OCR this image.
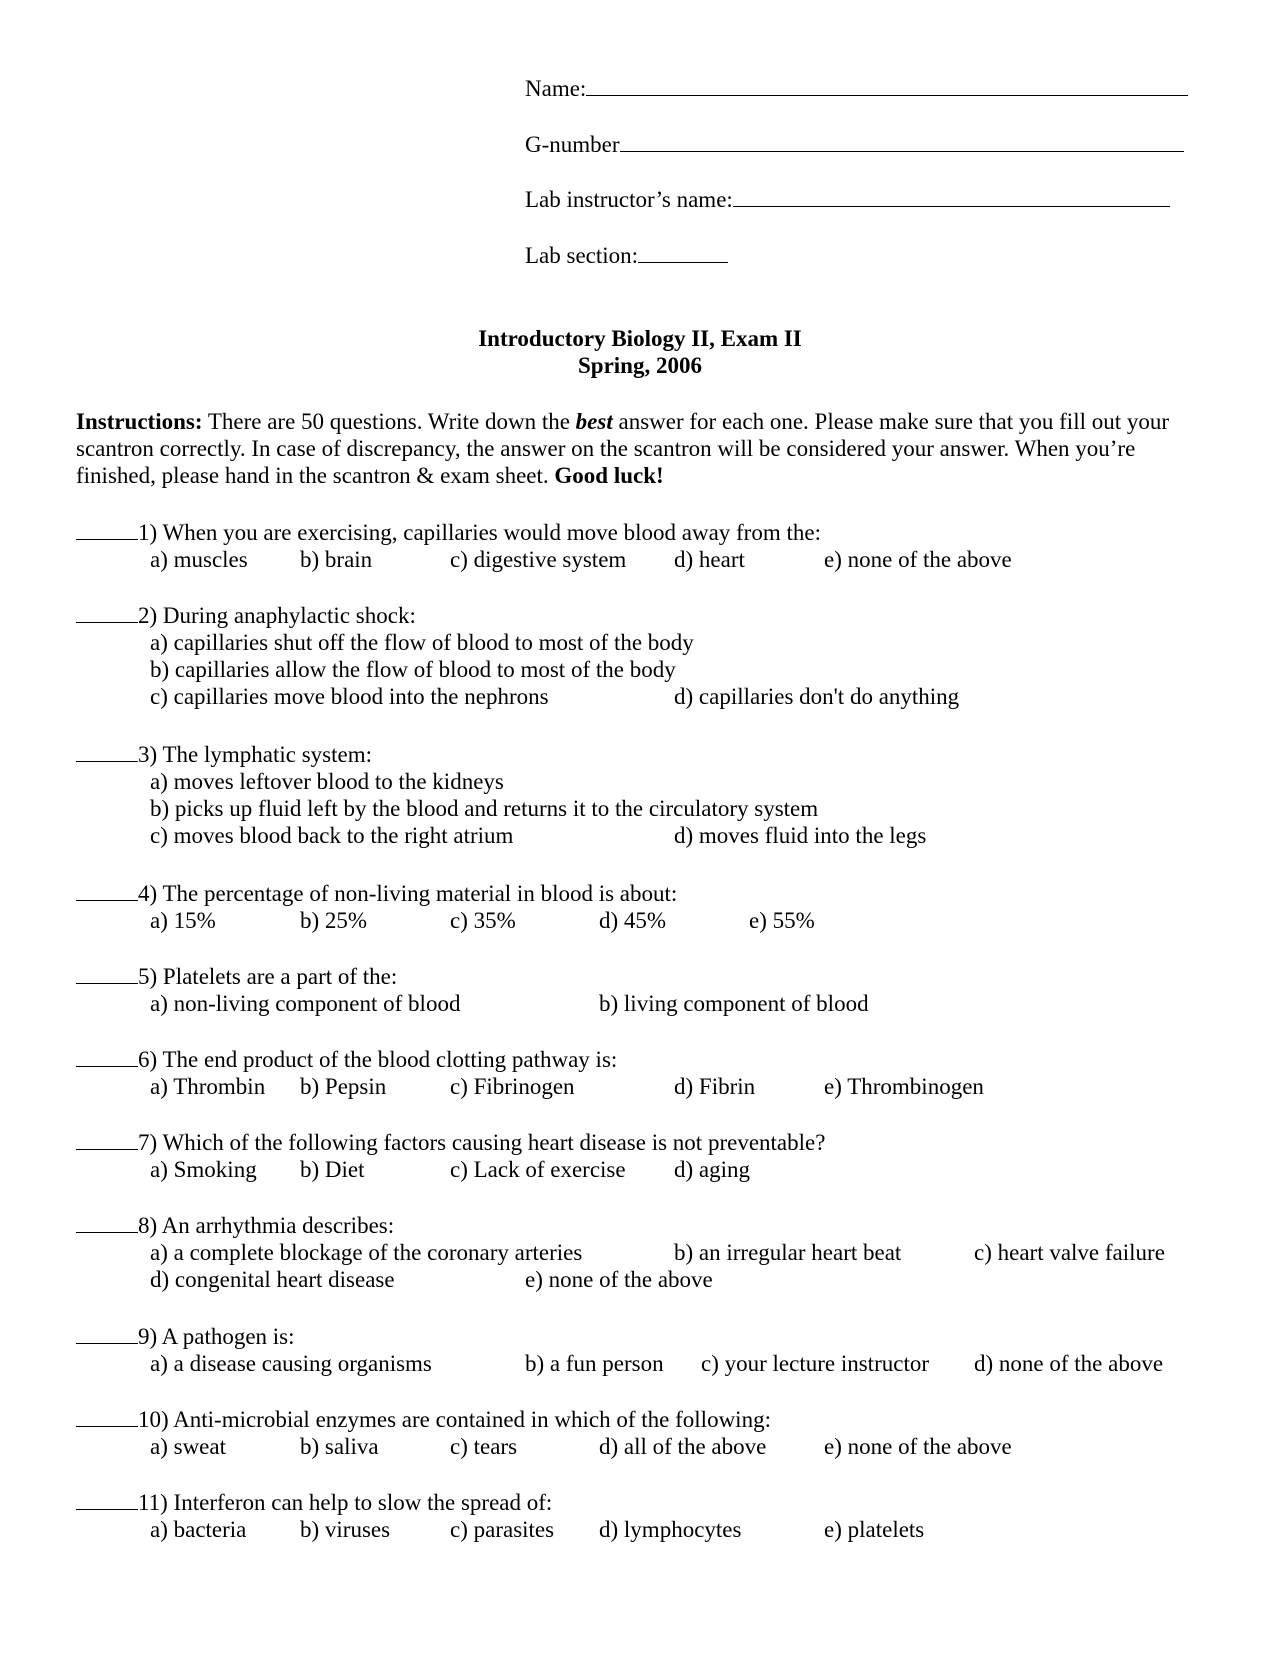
Name:
G-number
Lab instructor’s name:
Lab section:
Introductory Biology II, Exam II
Spring, 2006
Instructions: There are 50 questions. Write down the best answer for each one. Please make sure that you fill out your scantron correctly. In case of discrepancy, the answer on the scantron will be considered your answer. When you’re finished, please hand in the scantron & exam sheet. Good luck!
1) When you are exercising, capillaries would move blood away from the:
a) muscles b) brain	c) digestive system d) heart	e) none of the above
2) During anaphylactic shock:
a) capillaries shut off the flow of blood to most of the body
b) capillaries allow the flow of blood to most of the body
c) capillaries move blood into the nephrons	d) capillaries don't do anything
3) The lymphatic system:
a) moves leftover blood to the kidneys
b) picks up fluid left by the blood and returns it to the circulatory system
c) moves blood back to the right atrium	d) moves fluid into the legs
4) The percentage of non-living material in blood is about:
a) 15%	b) 25%	c) 35%	d) 45%	e) 55%
5) Platelets are a part of the:
a) non-living component of blood	b) living component of blood
6) The end product of the blood clotting pathway is:
a) Thrombin b) Pepsin	c) Fibrinogen	d) Fibrin	e) Thrombinogen
7) Which of the following factors causing heart disease is not preventable?
a) Smoking b) Diet	c) Lack of exercise d) aging
8) An arrhythmia describes:
a) a complete blockage of the coronary arteries	b) an irregular heart beat	c) heart valve failure
d) congenital heart disease	e) none of the above
9) A pathogen is:
a) a disease causing organisms	b) a fun person c) your lecture instructor d) none of the above
10) Anti-microbial enzymes are contained in which of the following:
a) sweat	b) saliva	c) tears	d) all of the above	e) none of the above
11) Interferon can help to slow the spread of:
a) bacteria b) viruses	c) parasites d) lymphocytes	e) platelets
